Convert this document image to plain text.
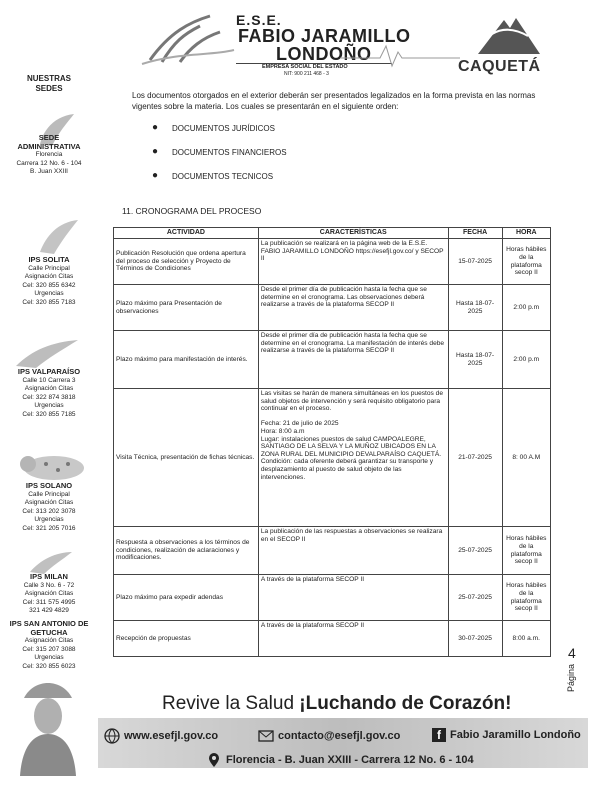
E.S.E.
FABIO JARAMILLO
LONDOÑO
EMPRESA SOCIAL DEL ESTADO
NIT: 900 211 468 - 3	CAQUETÁ
NUESTRAS SEDES
SEDE ADMINISTRATIVA
Florencia
Carrera 12 No. 6 - 104
B. Juan XXIII
IPS SOLITA
Calle Principal
Asignación Citas
Cel: 320 855 6342
Urgencias
Cel: 320 855 7183
IPS VALPARAÍSO
Calle 10 Carrera 3
Asignación Citas
Cel: 322 874 3818
Urgencias
Cel: 320 855 7185
IPS SOLANO
Calle Principal
Asignación Citas
Cel: 313 202 3078
Urgencias
Cel: 321 205 7016
IPS MILAN
Calle 3 No. 6 - 72
Asignación Citas
Cel: 311 575 4995
321 429 4829
IPS SAN ANTONIO DE GETUCHA
Asignación Citas
Cel: 315 207 3088
Urgencias
Cel: 320 855 6023
Los documentos otorgados en el exterior deberán ser presentados legalizados en la forma prevista en las normas vigentes sobre la materia. Los cuales se presentarán en el siguiente orden:
●	DOCUMENTOS JURÍDICOS
●	DOCUMENTOS FINANCIEROS
●	DOCUMENTOS TECNICOS
11. CRONOGRAMA DEL PROCESO
ACTIVIDAD	CARACTERÍSTICAS	FECHA	HORA
Publicación Resolución que ordena apertura del proceso de selección y Proyecto de Términos de Condiciones	La publicación se realizará en la página web de la E.S.E. FABIO JARAMILLO LONDOÑO https://esefjl.gov.co/ y SECOP II	15-07-2025	Horas hábiles de la plataforma secop II
Plazo máximo para Presentación de observaciones	Desde el primer día de publicación hasta la fecha que se determine en el cronograma. Las observaciones deberá realizarse a través de la plataforma SECOP II	Hasta 18-07-2025	2:00 p.m
Plazo máximo para manifestación de interés.	Desde el primer día de publicación hasta la fecha que se determine en el cronograma. La manifestación de interés debe realizarse a través de la plataforma SECOP II	Hasta 18-07-2025	2:00 p.m
Visita Técnica, presentación de fichas técnicas.	Las visitas se harán de manera simultáneas en los puestos de salud objetos de intervención y será requisito obligatorio para continuar en el proceso.

Fecha: 21 de julio de 2025
Hora: 8:00 a.m
Lugar: instalaciones puestos de salud CAMPOALEGRE, SANTIAGO DE LA SELVA Y LA MUÑOZ UBICADOS EN LA ZONA RURAL DEL MUNICIPIO DEVALPARAÍSO CAQUETÁ.
Condición: cada oferente deberá garantizar su transporte y desplazamiento al puesto de salud objeto de las intervenciones.	21-07-2025	8: 00 A.M
Respuesta a observaciones a los términos de condiciones, realización de aclaraciones y modificaciones.	La publicación de las respuestas a observaciones se realizara en el SECOP II	25-07-2025	Horas hábiles de la plataforma secop II
Plazo máximo para expedir adendas	A través de la plataforma SECOP II	25-07-2025	Horas hábiles de la plataforma secop II
Recepción de propuestas	A través de la plataforma SECOP II	30-07-2025	8:00 a.m.
Página
4
Revive la Salud ¡Luchando de Corazón!
www.esefjl.gov.co	contacto@esefjl.gov.co	f Fabio Jaramillo Londoño
Florencia - B. Juan XXIII - Carrera 12 No. 6 - 104
